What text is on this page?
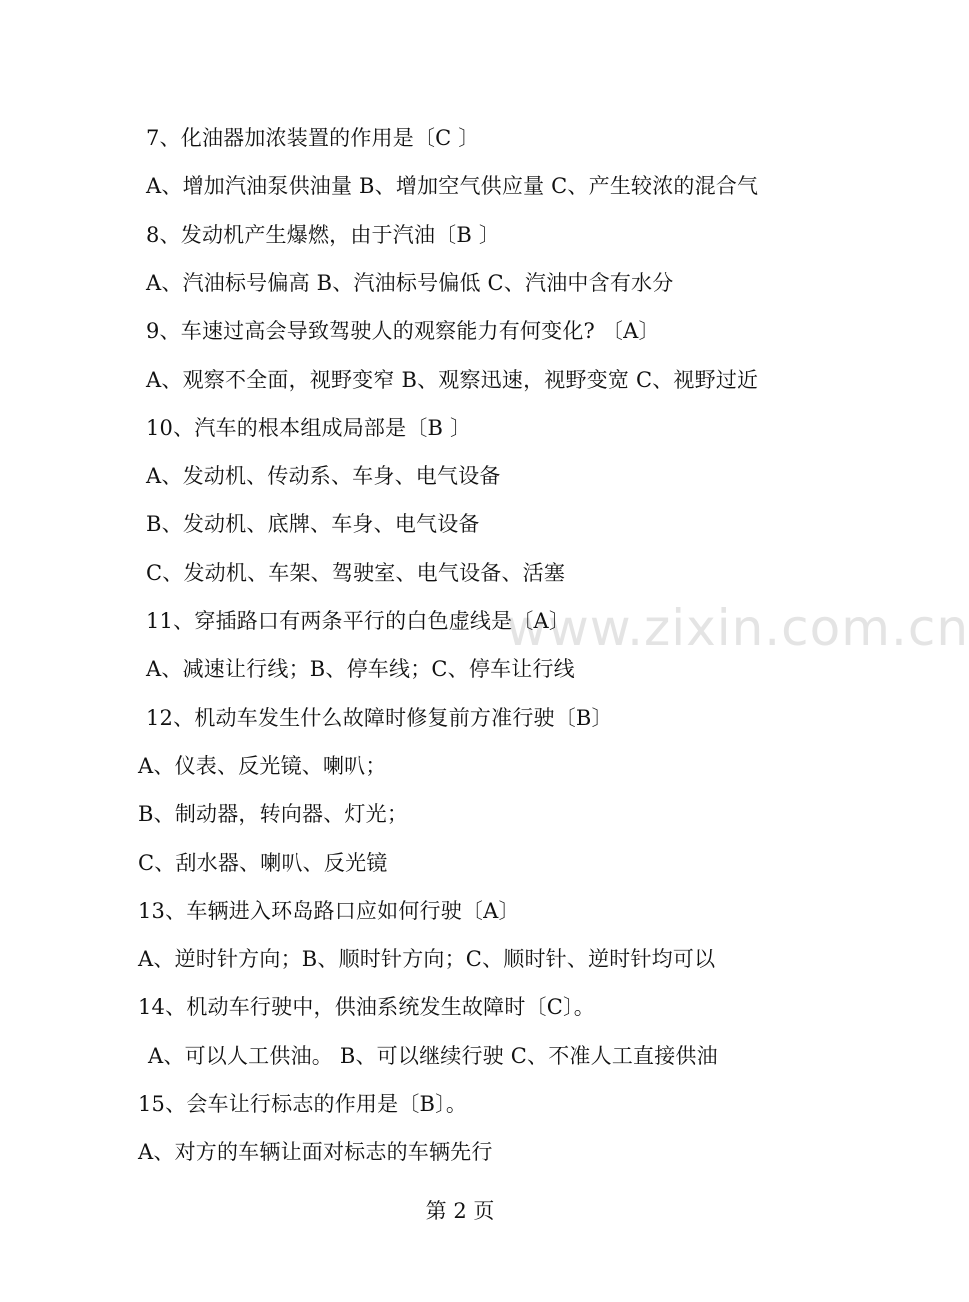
www.zixin.com.cn
7、化油器加浓装置的作用是〔C 〕
A、增加汽油泵供油量 B、增加空气供应量 C、产生较浓的混合气
8、发动机产生爆燃，由于汽油〔B 〕
A、汽油标号偏高 B、汽油标号偏低 C、汽油中含有水分
9、车速过高会导致驾驶人的观察能力有何变化? 〔A〕
A、观察不全面，视野变窄 B、观察迅速，视野变宽 C、视野过近
10、汽车的根本组成局部是〔B 〕
A、发动机、传动系、车身、电气设备
B、发动机、底牌、车身、电气设备
C、发动机、车架、驾驶室、电气设备、活塞
11、穿插路口有两条平行的白色虚线是〔A〕
A、减速让行线；B、停车线；C、停车让行线
12、机动车发生什么故障时修复前方准行驶〔B〕
A、仪表、反光镜、喇叭；
B、制动器，转向器、灯光；
C、刮水器、喇叭、反光镜
13、车辆进入环岛路口应如何行驶〔A〕
A、逆时针方向；B、顺时针方向；C、顺时针、逆时针均可以
14、机动车行驶中，供油系统发生故障时〔C〕。
A、可以人工供油。 B、可以继续行驶 C、不准人工直接供油
15、会车让行标志的作用是〔B〕。
A、对方的车辆让面对标志的车辆先行
第 2 页
